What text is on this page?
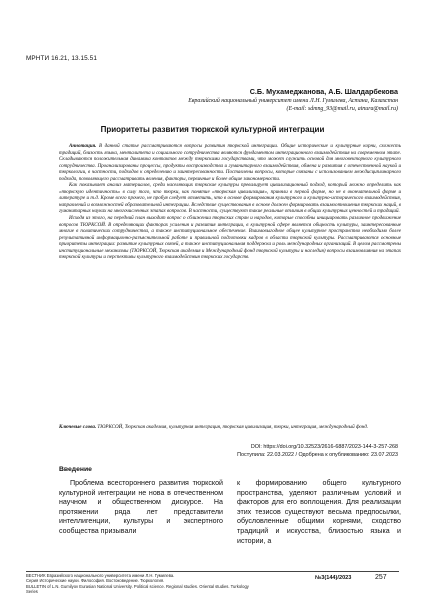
МРНТИ 16.21, 13.15.51
С.Б. Мухамеджанова, А.Б. Шалдарбекова
Евразийский национальный университет имени Л.Н. Гумилева, Астана, Казахстан
(E-mail: sdmng_93@mail.ru, ainura@mail.ru)
Приоритеты развития тюркской культурной интеграции

Аннотация. В данной статье рассматриваются вопросы развития тюркской интеграции. Общие исторические и культурные корни, схожесть традиций, близость языка, менталитета и социального сотрудничества являются фундаментом интеграционного взаимодействия на современном этапе. Складываются положительная динамика контактов между тюркскими государствами, что может служить основой для многовекторного культурного сотрудничества. Проанализированы процессы, продукты воспроизводства и гуманитарного взаимодействия, обмена и развития с отечественной наукой и тюркологии, в частности, подходов к определению и заинтересованности. Поставлены вопросы, которые связаны с использованием междисциплинарного подхода, позволяющего рассматривать явления, факторы, первичные и более общие закономерности.

Как показывает анализ материалов, среди населяющих тюркские культуры превалирует цивилизационный подход, который можно определить как «тюркскую идентичность» в силу того, что тюрки, как понятие «тюркская цивилизация», приняли в первой форме, но не в окончательной форме и литературе и т.д. Кроме всего прочего, не пробуя следует отметить, что в основе формирования культурного и культурно-исторического взаимодействия, направлений и возможностей образовательной интеграции. Вследствие существования в основе должен формировать взаимоотношения тюркских наций, в гуманитарных науках на многочисленных этапах вопросов. В частности, существуют такие реальные отличия в общих культурных ценностей и традиций.

Исходя из этого, на передний план выходит вопрос о сближении тюркских стран и народов, которые способны инициировать различное продвижение вопросов ТЮРКСОЙ. В определяющих факторах усиления и развития интеграции, в культурной сфере является общность культуры, заинтересованные многие в политических сотрудничества, а также институциональное обеспечение. Взаимовыгодное общее культурное пространство необходимо более результативной информационно-разъяснительной работе и правильной подготовки кадров в области тюркской культуры. Рассматриваются основные приоритеты интеграции: развитие культурных связей, а также институциональная поддержка и роль международных организаций. В целом рассмотрены институциональные механизмы (ТЮРКСОЙ, Тюркская академия и Международный фонд тюркской культуры и наследия) вопросы взаимовлияния на этапах тюркской культуры и перспективы культурного взаимодействия тюркских государств.

Ключевые слова. ТЮРКСОЙ, Тюркская академия, культурная интеграция, тюркская цивилизация, тюрки, интеграция, международный фонд.
DOI: https://doi.org/10.32523/2616-6887/2023-144-3-257-268
Поступила: 22.03.2022 / Одобрена к опубликованию: 23.07.2023
Введение

Проблема всестороннего развития тюркской культурной интеграции не нова в отечественном научном и общественном дискурсе. На протяжении ряда лет представители интеллигенции, культуры и экспертного сообщества призывали

к формированию общего культурного пространства, уделяют различным условий и факторов для его воплощения. Для реализации этих тезисов существуют весьма предпосылки, обусловленные общими корнями, сходство традиций и искусства, близостью языка и истории, а

ВЕСТНИК Евразийского национального университета имени Л.Н. Гумилева.
Серия Исторические науки. Философия. Востоковедение. Тюркология.
BULLETIN of L.N. Gumilyov Eurasian National University. Political science. Regional studies. Oriental studies. Turkology Series
№3(144)/2023	257
